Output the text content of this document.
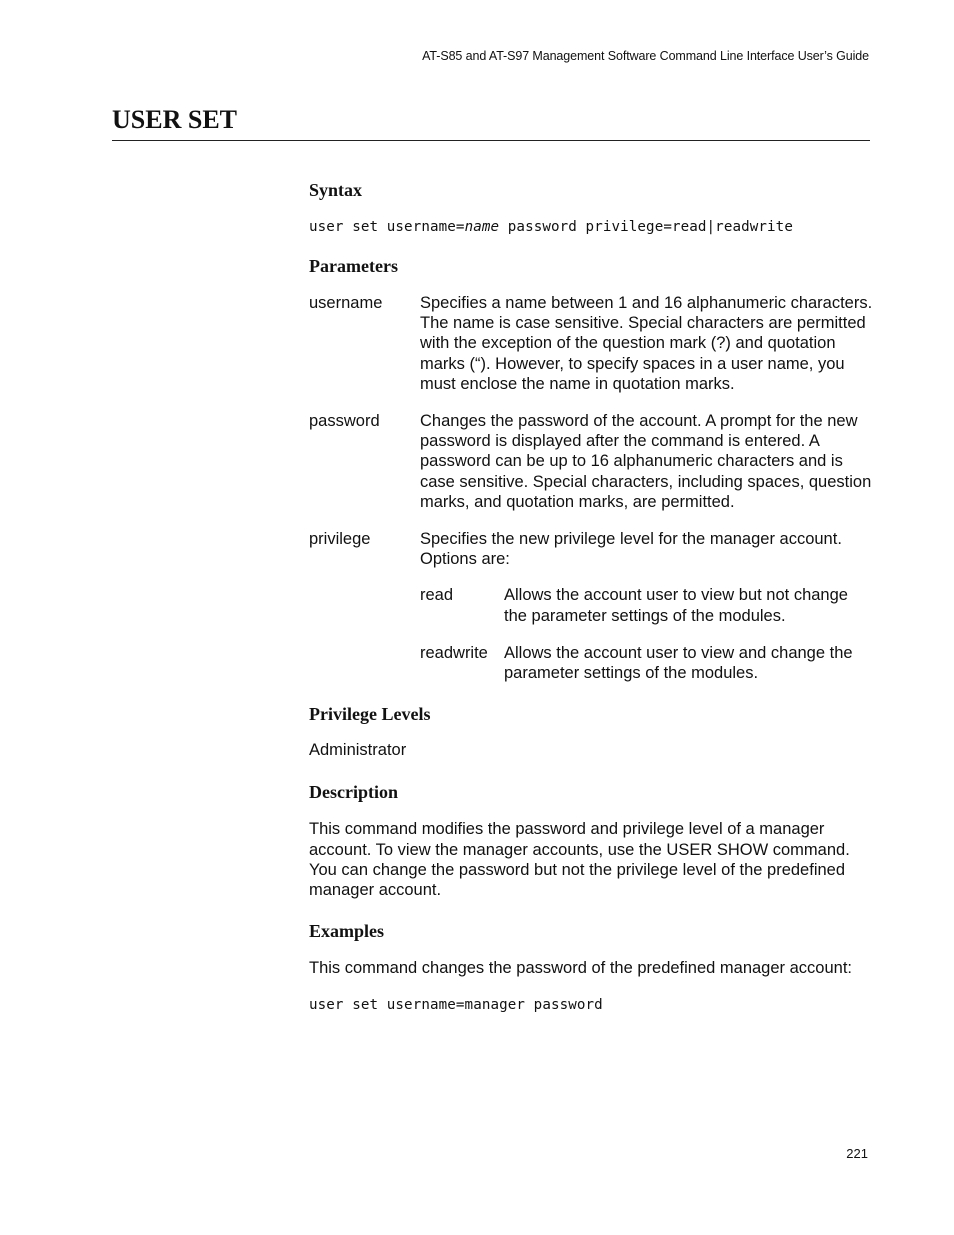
AT-S85 and AT-S97 Management Software Command Line Interface User’s Guide
USER SET
Syntax
user set username=name password privilege=read|readwrite
Parameters
username	Specifies a name between 1 and 16 alphanumeric characters. The name is case sensitive. Special characters are permitted with the exception of the question mark (?) and quotation marks (“). However, to specify spaces in a user name, you must enclose the name in quotation marks.
password	Changes the password of the account. A prompt for the new password is displayed after the command is entered. A password can be up to 16 alphanumeric characters and is case sensitive. Special characters, including spaces, question marks, and quotation marks, are permitted.
privilege	Specifies the new privilege level for the manager account. Options are:
read	Allows the account user to view but not change the parameter settings of the modules.
readwrite Allows the account user to view and change the parameter settings of the modules.
Privilege Levels

Administrator

Description

This command modifies the password and privilege level of a manager account. To view the manager accounts, use the USER SHOW command. You can change the password but not the privilege level of the predefined manager account.

Examples

This command changes the password of the predefined manager account:

user set username=manager password
221
